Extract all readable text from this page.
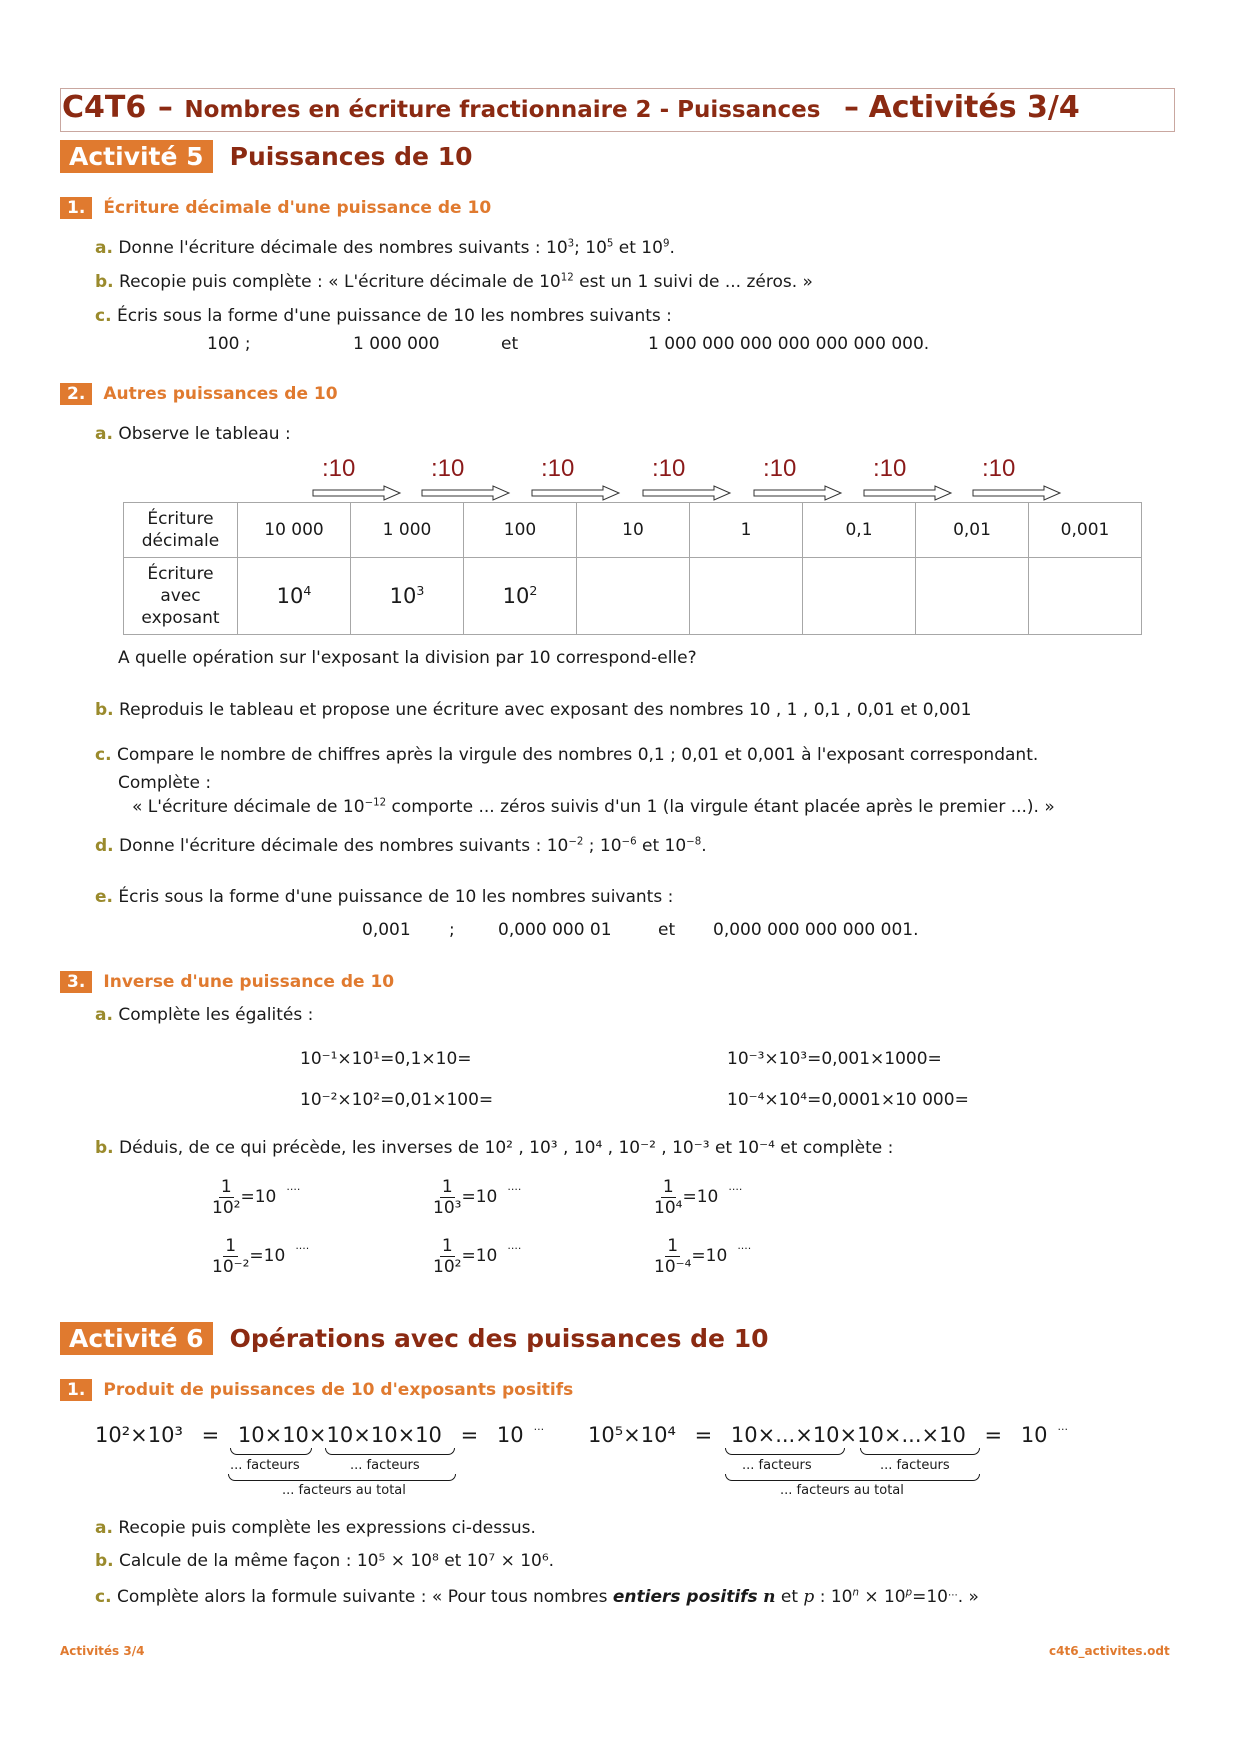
C4T6 – Nombres en écriture fractionnaire 2 - Puissances – Activités 3/4
Activité 5 Puissances de 10
1. Écriture décimale d'une puissance de 10
a. Donne l'écriture décimale des nombres suivants : $10^3$; $10^5$ et $10^9$.
b. Recopie puis complète : « L'écriture décimale de $10^{12}$ est un 1 suivi de ... zéros. »
c. Écris sous la forme d'une puissance de 10 les nombres suivants :
100 ;	1 000 000	et	1 000 000 000 000 000 000 000.
2. Autres puissances de 10
a. Observe le tableau :
:10	:10	:10	:10	:10	:10	:10
Écriture
décimale	10 000	1 000	100	10	1	0,1	0,01	0,001
Écriture
avec
exposant	$10^4$	$10^3$	$10^2$					
A quelle opération sur l'exposant la division par 10 correspond-elle?
b. Reproduis le tableau et propose une écriture avec exposant des nombres 10 , 1 , 0,1 , 0,01 et 0,001
c. Compare le nombre de chiffres après la virgule des nombres 0,1 ; 0,01 et 0,001 à l'exposant correspondant.
Complète :
« L'écriture décimale de $10^{-12}$ comporte ... zéros suivis d'un 1 (la virgule étant placée après le premier ...). »
d. Donne l'écriture décimale des nombres suivants : $10^{-2}$ ; $10^{-6}$ et $10^{-8}$.
e. Écris sous la forme d'une puissance de 10 les nombres suivants :
0,001 ;	0,000 000 01	et 0,000 000 000 000 001.
3. Inverse d'une puissance de 10
a. Complète les égalités :
10⁻¹×10¹=0,1×10=	10⁻³×10³=0,001×1000=
10⁻²×10²=0,01×100=	10⁻⁴×10⁴=0,0001×10 000=
b. Déduis, de ce qui précède, les inverses de 10² , 10³ , 10⁴ , 10⁻² , 10⁻³ et 10⁻⁴ et complète :
$\frac{1}{\text{10²}} =10^{....}$	$\frac{1}{\text{10³}} =10^{....}$	$\frac{1}{\text{10⁴}} =10^{....}$
$\frac{1}{\text{10⁻²}} =10^{....}$	$\frac{1}{\text{10²}} =10^{....}$	$\frac{1}{\text{10⁻⁴}} =10^{....}$
Activité 6 Opérations avec des puissances de 10
1. Produit de puissances de 10 d'exposants positifs
10²×10³ = 10×10×10×10×10 = 10 ...
... facteurs	... facteurs
... facteurs au total
10⁵×10⁴ = 10×...×10×10×...×10 = 10 ...
... facteurs	... facteurs
... facteurs au total
a. Recopie puis complète les expressions ci-dessus.
b. Calcule de la même façon : 10⁵ × 10⁸ et 10⁷ × 10⁶.
c. Complète alors la formule suivante : « Pour tous nombres entiers positifs n et p : $10^n \times 10^p=10^{...}$. »
Activités 3/4	c4t6_activites.odt
